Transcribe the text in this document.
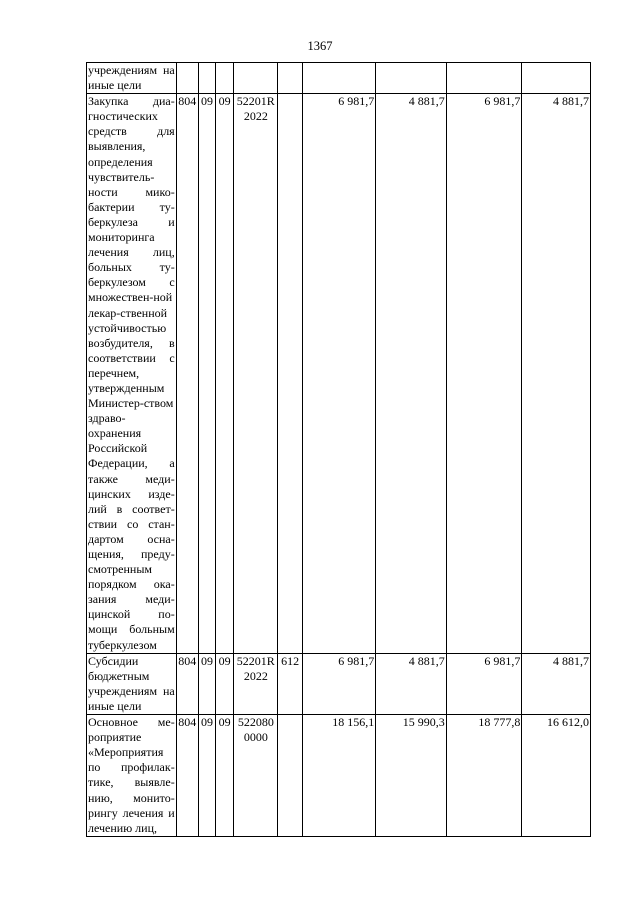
1367
учреждениям на иные цели									
Закупка диа-гностических средств для выявления, определения чувствитель-ности мико-бактерии ту-беркулеза и мониторинга лечения лиц, больных ту-беркулезом с множествен-ной лекар-ственной устойчивостью возбудителя, в соответствии с перечнем, утвержденным Министер-ством здраво-охранения Российской Федерации, а также меди-цинских изде-лий в соответ-ствии со стан-дартом осна-щения, преду-смотренным порядком ока-зания меди-цинской по-мощи больным туберкулезом	804	09	09	52201R2022		6 981,7	4 881,7	6 981,7	4 881,7
Субсидии бюджетным учреждениям на иные цели	804	09	09	52201R2022	612	6 981,7	4 881,7	6 981,7	4 881,7
Основное ме-роприятие «Мероприятия по профилак-тике, выявле-нию, монито-рингу лечения и лечению лиц,	804	09	09	5220800000		18 156,1	15 990,3	18 777,8	16 612,0
